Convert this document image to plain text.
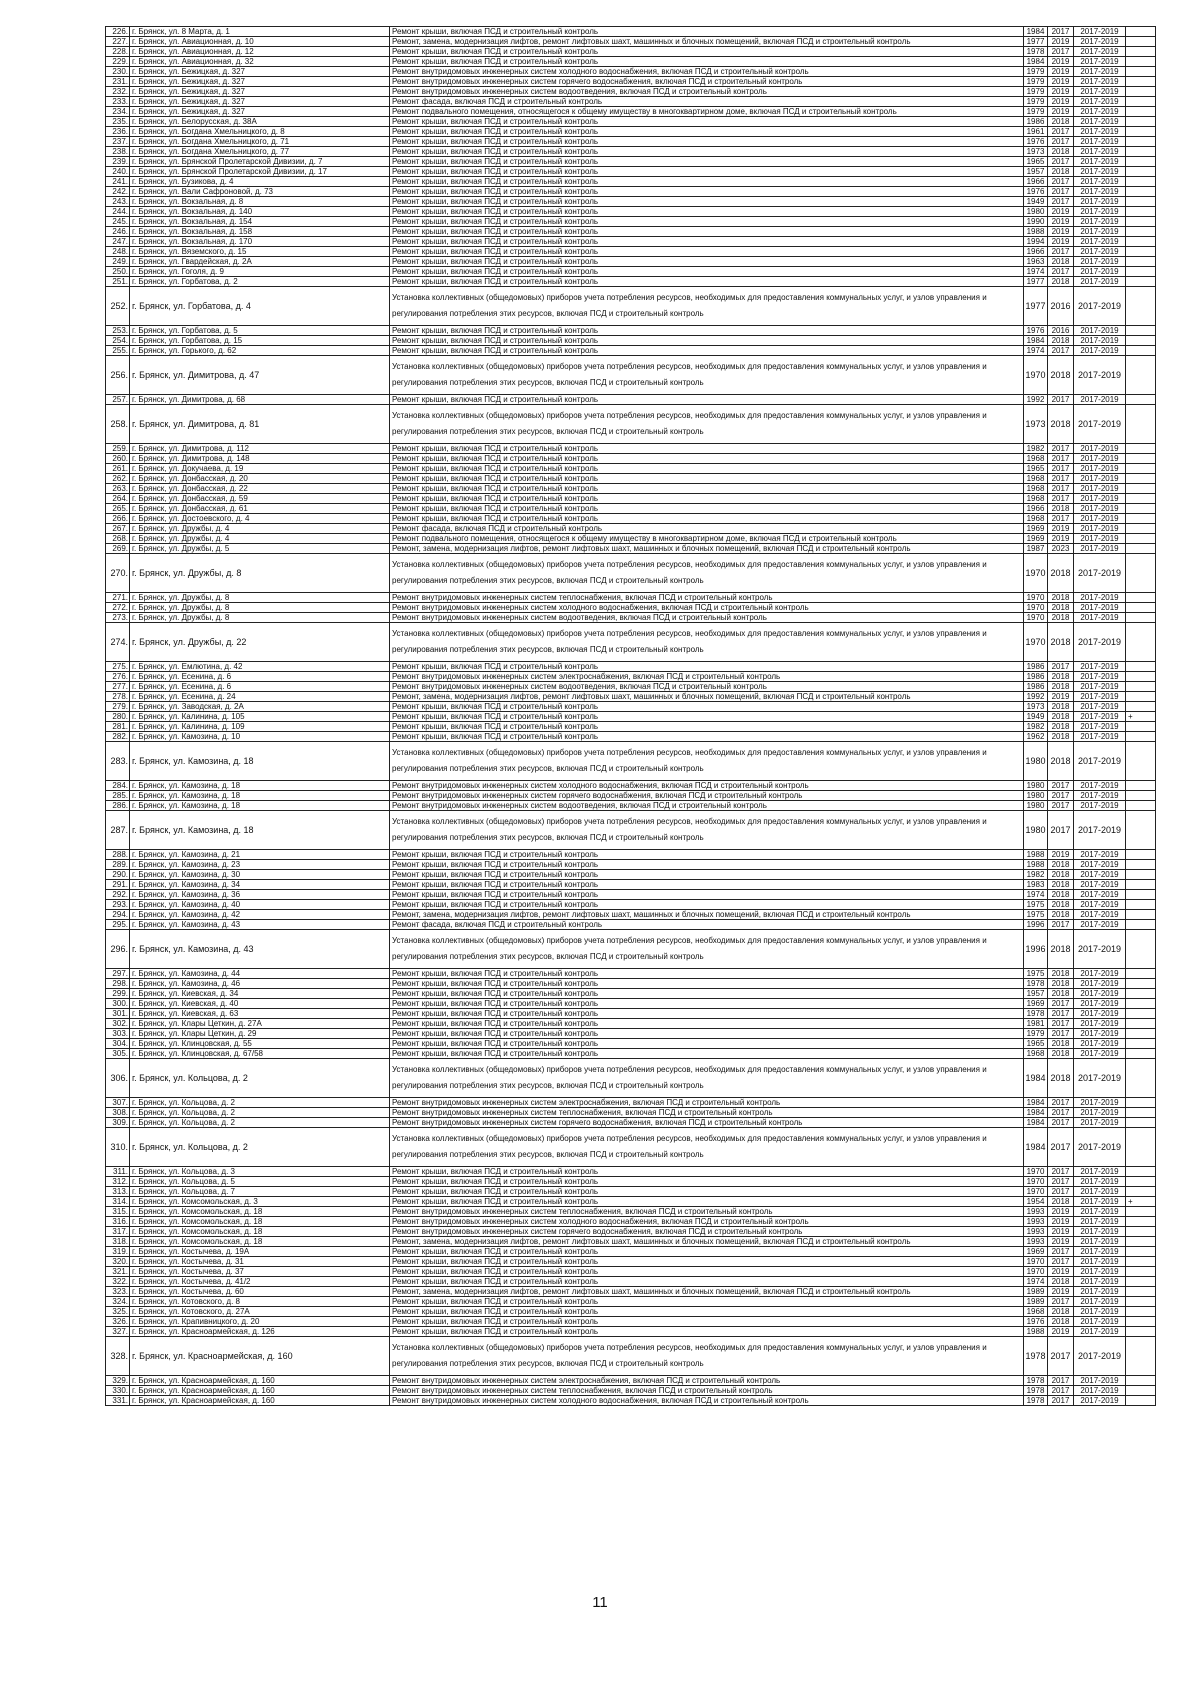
226.	г. Брянск, ул. 8 Марта, д. 1	Ремонт крыши, включая ПСД и строительный контроль	1984	2017	2017-2019	
227.	г. Брянск, ул. Авиационная, д. 10	Ремонт, замена, модернизация лифтов, ремонт лифтовых шахт, машинных и блочных помещений, включая ПСД и строительный контроль	1977	2019	2017-2019	
228.	г. Брянск, ул. Авиационная, д. 12	Ремонт крыши, включая ПСД и строительный контроль	1978	2017	2017-2019	
229.	г. Брянск, ул. Авиационная, д. 32	Ремонт крыши, включая ПСД и строительный контроль	1984	2019	2017-2019	
230.	г. Брянск, ул. Бежицкая, д. 327	Ремонт внутридомовых инженерных систем холодного водоснабжения, включая ПСД и строительный контроль	1979	2019	2017-2019	
231.	г. Брянск, ул. Бежицкая, д. 327	Ремонт внутридомовых инженерных систем горячего водоснабжения, включая ПСД и строительный контроль	1979	2019	2017-2019	
232.	г. Брянск, ул. Бежицкая, д. 327	Ремонт внутридомовых инженерных систем водоотведения, включая ПСД и строительный контроль	1979	2019	2017-2019	
233.	г. Брянск, ул. Бежицкая, д. 327	Ремонт фасада, включая ПСД и строительный контроль	1979	2019	2017-2019	
234.	г. Брянск, ул. Бежицкая, д. 327	Ремонт подвального помещения, относящегося к общему имуществу в многоквартирном доме, включая ПСД и строительный контроль	1979	2019	2017-2019	
235.	г. Брянск, ул. Белорусская, д. 38А	Ремонт крыши, включая ПСД и строительный контроль	1986	2018	2017-2019	
236.	г. Брянск, ул. Богдана Хмельницкого, д. 8	Ремонт крыши, включая ПСД и строительный контроль	1961	2017	2017-2019	
237.	г. Брянск, ул. Богдана Хмельницкого, д. 71	Ремонт крыши, включая ПСД и строительный контроль	1976	2017	2017-2019	
238.	г. Брянск, ул. Богдана Хмельницкого, д. 77	Ремонт крыши, включая ПСД и строительный контроль	1973	2018	2017-2019	
239.	г. Брянск, ул. Брянской Пролетарской Дивизии, д. 7	Ремонт крыши, включая ПСД и строительный контроль	1965	2017	2017-2019	
240.	г. Брянск, ул. Брянской Пролетарской Дивизии, д. 17	Ремонт крыши, включая ПСД и строительный контроль	1957	2018	2017-2019	
241.	г. Брянск, ул. Бузикова, д. 4	Ремонт крыши, включая ПСД и строительный контроль	1966	2017	2017-2019	
242.	г. Брянск, ул. Вали Сафроновой, д. 73	Ремонт крыши, включая ПСД и строительный контроль	1976	2017	2017-2019	
243.	г. Брянск, ул. Вокзальная, д. 8	Ремонт крыши, включая ПСД и строительный контроль	1949	2017	2017-2019	
244.	г. Брянск, ул. Вокзальная, д. 140	Ремонт крыши, включая ПСД и строительный контроль	1980	2019	2017-2019	
245.	г. Брянск, ул. Вокзальная, д. 154	Ремонт крыши, включая ПСД и строительный контроль	1990	2019	2017-2019	
246.	г. Брянск, ул. Вокзальная, д. 158	Ремонт крыши, включая ПСД и строительный контроль	1988	2019	2017-2019	
247.	г. Брянск, ул. Вокзальная, д. 170	Ремонт крыши, включая ПСД и строительный контроль	1994	2019	2017-2019	
248.	г. Брянск, ул. Вяземского, д. 15	Ремонт крыши, включая ПСД и строительный контроль	1966	2017	2017-2019	
249.	г. Брянск, ул. Гвардейская, д. 2А	Ремонт крыши, включая ПСД и строительный контроль	1963	2018	2017-2019	
250.	г. Брянск, ул. Гоголя, д. 9	Ремонт крыши, включая ПСД и строительный контроль	1974	2017	2017-2019	
251.	г. Брянск, ул. Горбатова, д. 2	Ремонт крыши, включая ПСД и строительный контроль	1977	2018	2017-2019	
252.	г. Брянск, ул. Горбатова, д. 4	Установка коллективных (общедомовых) приборов учета потребления ресурсов, необходимых для предоставления коммунальных услуг, и узлов управления и регулирования потребления этих ресурсов, включая ПСД и строительный контроль	1977	2016	2017-2019	
253.	г. Брянск, ул. Горбатова, д. 5	Ремонт крыши, включая ПСД и строительный контроль	1976	2016	2017-2019	
254.	г. Брянск, ул. Горбатова, д. 15	Ремонт крыши, включая ПСД и строительный контроль	1984	2018	2017-2019	
255.	г. Брянск, ул. Горького, д. 62	Ремонт крыши, включая ПСД и строительный контроль	1974	2017	2017-2019	
256.	г. Брянск, ул. Димитрова, д. 47	Установка коллективных (общедомовых) приборов учета потребления ресурсов, необходимых для предоставления коммунальных услуг, и узлов управления и регулирования потребления этих ресурсов, включая ПСД и строительный контроль	1970	2018	2017-2019	
257.	г. Брянск, ул. Димитрова, д. 68	Ремонт крыши, включая ПСД и строительный контроль	1992	2017	2017-2019	
258.	г. Брянск, ул. Димитрова, д. 81	Установка коллективных (общедомовых) приборов учета потребления ресурсов, необходимых для предоставления коммунальных услуг, и узлов управления и регулирования потребления этих ресурсов, включая ПСД и строительный контроль	1973	2018	2017-2019	
259.	г. Брянск, ул. Димитрова, д. 112	Ремонт крыши, включая ПСД и строительный контроль	1982	2017	2017-2019	
260.	г. Брянск, ул. Димитрова, д. 148	Ремонт крыши, включая ПСД и строительный контроль	1968	2017	2017-2019	
261.	г. Брянск, ул. Докучаева, д. 19	Ремонт крыши, включая ПСД и строительный контроль	1965	2017	2017-2019	
262.	г. Брянск, ул. Донбасская, д. 20	Ремонт крыши, включая ПСД и строительный контроль	1968	2017	2017-2019	
263.	г. Брянск, ул. Донбасская, д. 22	Ремонт крыши, включая ПСД и строительный контроль	1968	2017	2017-2019	
264.	г. Брянск, ул. Донбасская, д. 59	Ремонт крыши, включая ПСД и строительный контроль	1968	2017	2017-2019	
265.	г. Брянск, ул. Донбасская, д. 61	Ремонт крыши, включая ПСД и строительный контроль	1966	2018	2017-2019	
266.	г. Брянск, ул. Достоевского, д. 4	Ремонт крыши, включая ПСД и строительный контроль	1968	2017	2017-2019	
267.	г. Брянск, ул. Дружбы, д. 4	Ремонт фасада, включая ПСД и строительный контроль	1969	2019	2017-2019	
268.	г. Брянск, ул. Дружбы, д. 4	Ремонт подвального помещения, относящегося к общему имуществу в многоквартирном доме, включая ПСД и строительный контроль	1969	2019	2017-2019	
269.	г. Брянск, ул. Дружбы, д. 5	Ремонт, замена, модернизация лифтов, ремонт лифтовых шахт, машинных и блочных помещений, включая ПСД и строительный контроль	1987	2023	2017-2019	
270.	г. Брянск, ул. Дружбы, д. 8	Установка коллективных (общедомовых) приборов учета потребления ресурсов, необходимых для предоставления коммунальных услуг, и узлов управления и регулирования потребления этих ресурсов, включая ПСД и строительный контроль	1970	2018	2017-2019	
271.	г. Брянск, ул. Дружбы, д. 8	Ремонт внутридомовых инженерных систем теплоснабжения, включая ПСД и строительный контроль	1970	2018	2017-2019	
272.	г. Брянск, ул. Дружбы, д. 8	Ремонт внутридомовых инженерных систем холодного водоснабжения, включая ПСД и строительный контроль	1970	2018	2017-2019	
273.	г. Брянск, ул. Дружбы, д. 8	Ремонт внутридомовых инженерных систем водоотведения, включая ПСД и строительный контроль	1970	2018	2017-2019	
274.	г. Брянск, ул. Дружбы, д. 22	Установка коллективных (общедомовых) приборов учета потребления ресурсов, необходимых для предоставления коммунальных услуг, и узлов управления и регулирования потребления этих ресурсов, включая ПСД и строительный контроль	1970	2018	2017-2019	
275.	г. Брянск, ул. Емлютина, д. 42	Ремонт крыши, включая ПСД и строительный контроль	1986	2017	2017-2019	
276.	г. Брянск, ул. Есенина, д. 6	Ремонт внутридомовых инженерных систем электроснабжения, включая ПСД и строительный контроль	1986	2018	2017-2019	
277.	г. Брянск, ул. Есенина, д. 6	Ремонт внутридомовых инженерных систем водоотведения, включая ПСД и строительный контроль	1986	2018	2017-2019	
278.	г. Брянск, ул. Есенина, д. 24	Ремонт, замена, модернизация лифтов, ремонт лифтовых шахт, машинных и блочных помещений, включая ПСД и строительный контроль	1992	2019	2017-2019	
279.	г. Брянск, ул. Заводская, д. 2А	Ремонт крыши, включая ПСД и строительный контроль	1973	2018	2017-2019	
280.	г. Брянск, ул. Калинина, д. 105	Ремонт крыши, включая ПСД и строительный контроль	1949	2018	2017-2019	+
281.	г. Брянск, ул. Калинина, д. 109	Ремонт крыши, включая ПСД и строительный контроль	1982	2018	2017-2019	
282.	г. Брянск, ул. Камозина, д. 10	Ремонт крыши, включая ПСД и строительный контроль	1962	2018	2017-2019	
283.	г. Брянск, ул. Камозина, д. 18	Установка коллективных (общедомовых) приборов учета потребления ресурсов, необходимых для предоставления коммунальных услуг, и узлов управления и регулирования потребления этих ресурсов, включая ПСД и строительный контроль	1980	2018	2017-2019	
284.	г. Брянск, ул. Камозина, д. 18	Ремонт внутридомовых инженерных систем холодного водоснабжения, включая ПСД и строительный контроль	1980	2017	2017-2019	
285.	г. Брянск, ул. Камозина, д. 18	Ремонт внутридомовых инженерных систем горячего водоснабжения, включая ПСД и строительный контроль	1980	2017	2017-2019	
286.	г. Брянск, ул. Камозина, д. 18	Ремонт внутридомовых инженерных систем водоотведения, включая ПСД и строительный контроль	1980	2017	2017-2019	
287.	г. Брянск, ул. Камозина, д. 18	Установка коллективных (общедомовых) приборов учета потребления ресурсов, необходимых для предоставления коммунальных услуг, и узлов управления и регулирования потребления этих ресурсов, включая ПСД и строительный контроль	1980	2017	2017-2019	
288.	г. Брянск, ул. Камозина, д. 21	Ремонт крыши, включая ПСД и строительный контроль	1988	2019	2017-2019	
289.	г. Брянск, ул. Камозина, д. 23	Ремонт крыши, включая ПСД и строительный контроль	1988	2018	2017-2019	
290.	г. Брянск, ул. Камозина, д. 30	Ремонт крыши, включая ПСД и строительный контроль	1982	2018	2017-2019	
291.	г. Брянск, ул. Камозина, д. 34	Ремонт крыши, включая ПСД и строительный контроль	1983	2018	2017-2019	
292.	г. Брянск, ул. Камозина, д. 36	Ремонт крыши, включая ПСД и строительный контроль	1974	2018	2017-2019	
293.	г. Брянск, ул. Камозина, д. 40	Ремонт крыши, включая ПСД и строительный контроль	1975	2018	2017-2019	
294.	г. Брянск, ул. Камозина, д. 42	Ремонт, замена, модернизация лифтов, ремонт лифтовых шахт, машинных и блочных помещений, включая ПСД и строительный контроль	1975	2018	2017-2019	
295.	г. Брянск, ул. Камозина, д. 43	Ремонт фасада, включая ПСД и строительный контроль	1996	2017	2017-2019	
296.	г. Брянск, ул. Камозина, д. 43	Установка коллективных (общедомовых) приборов учета потребления ресурсов, необходимых для предоставления коммунальных услуг, и узлов управления и регулирования потребления этих ресурсов, включая ПСД и строительный контроль	1996	2018	2017-2019	
297.	г. Брянск, ул. Камозина, д. 44	Ремонт крыши, включая ПСД и строительный контроль	1975	2018	2017-2019	
298.	г. Брянск, ул. Камозина, д. 46	Ремонт крыши, включая ПСД и строительный контроль	1978	2018	2017-2019	
299.	г. Брянск, ул. Киевская, д. 34	Ремонт крыши, включая ПСД и строительный контроль	1957	2018	2017-2019	
300.	г. Брянск, ул. Киевская, д. 40	Ремонт крыши, включая ПСД и строительный контроль	1969	2017	2017-2019	
301.	г. Брянск, ул. Киевская, д. 63	Ремонт крыши, включая ПСД и строительный контроль	1978	2017	2017-2019	
302.	г. Брянск, ул. Клары Цеткин, д. 27А	Ремонт крыши, включая ПСД и строительный контроль	1981	2017	2017-2019	
303.	г. Брянск, ул. Клары Цеткин, д. 29	Ремонт крыши, включая ПСД и строительный контроль	1979	2017	2017-2019	
304.	г. Брянск, ул. Клинцовская, д. 55	Ремонт крыши, включая ПСД и строительный контроль	1965	2018	2017-2019	
305.	г. Брянск, ул. Клинцовская, д. 67/58	Ремонт крыши, включая ПСД и строительный контроль	1968	2018	2017-2019	
306.	г. Брянск, ул. Кольцова, д. 2	Установка коллективных (общедомовых) приборов учета потребления ресурсов, необходимых для предоставления коммунальных услуг, и узлов управления и регулирования потребления этих ресурсов, включая ПСД и строительный контроль	1984	2018	2017-2019	
307.	г. Брянск, ул. Кольцова, д. 2	Ремонт внутридомовых инженерных систем электроснабжения, включая ПСД и строительный контроль	1984	2017	2017-2019	
308.	г. Брянск, ул. Кольцова, д. 2	Ремонт внутридомовых инженерных систем теплоснабжения, включая ПСД и строительный контроль	1984	2017	2017-2019	
309.	г. Брянск, ул. Кольцова, д. 2	Ремонт внутридомовых инженерных систем горячего водоснабжения, включая ПСД и строительный контроль	1984	2017	2017-2019	
310.	г. Брянск, ул. Кольцова, д. 2	Установка коллективных (общедомовых) приборов учета потребления ресурсов, необходимых для предоставления коммунальных услуг, и узлов управления и регулирования потребления этих ресурсов, включая ПСД и строительный контроль	1984	2017	2017-2019	
311.	г. Брянск, ул. Кольцова, д. 3	Ремонт крыши, включая ПСД и строительный контроль	1970	2017	2017-2019	
312.	г. Брянск, ул. Кольцова, д. 5	Ремонт крыши, включая ПСД и строительный контроль	1970	2017	2017-2019	
313.	г. Брянск, ул. Кольцова, д. 7	Ремонт крыши, включая ПСД и строительный контроль	1970	2017	2017-2019	
314.	г. Брянск, ул. Комсомольская, д. 3	Ремонт крыши, включая ПСД и строительный контроль	1954	2018	2017-2019	+
315.	г. Брянск, ул. Комсомольская, д. 18	Ремонт внутридомовых инженерных систем теплоснабжения, включая ПСД и строительный контроль	1993	2019	2017-2019	
316.	г. Брянск, ул. Комсомольская, д. 18	Ремонт внутридомовых инженерных систем холодного водоснабжения, включая ПСД и строительный контроль	1993	2019	2017-2019	
317.	г. Брянск, ул. Комсомольская, д. 18	Ремонт внутридомовых инженерных систем горячего водоснабжения, включая ПСД и строительный контроль	1993	2019	2017-2019	
318.	г. Брянск, ул. Комсомольская, д. 18	Ремонт, замена, модернизация лифтов, ремонт лифтовых шахт, машинных и блочных помещений, включая ПСД и строительный контроль	1993	2019	2017-2019	
319.	г. Брянск, ул. Костычева, д. 19А	Ремонт крыши, включая ПСД и строительный контроль	1969	2017	2017-2019	
320.	г. Брянск, ул. Костычева, д. 31	Ремонт крыши, включая ПСД и строительный контроль	1970	2017	2017-2019	
321.	г. Брянск, ул. Костычева, д. 37	Ремонт крыши, включая ПСД и строительный контроль	1970	2019	2017-2019	
322.	г. Брянск, ул. Костычева, д. 41/2	Ремонт крыши, включая ПСД и строительный контроль	1974	2018	2017-2019	
323.	г. Брянск, ул. Костычева, д. 60	Ремонт, замена, модернизация лифтов, ремонт лифтовых шахт, машинных и блочных помещений, включая ПСД и строительный контроль	1989	2019	2017-2019	
324.	г. Брянск, ул. Котовского, д. 8	Ремонт крыши, включая ПСД и строительный контроль	1989	2017	2017-2019	
325.	г. Брянск, ул. Котовского, д. 27А	Ремонт крыши, включая ПСД и строительный контроль	1968	2018	2017-2019	
326.	г. Брянск, ул. Крапивницкого, д. 20	Ремонт крыши, включая ПСД и строительный контроль	1976	2018	2017-2019	
327.	г. Брянск, ул. Красноармейская, д. 126	Ремонт крыши, включая ПСД и строительный контроль	1988	2019	2017-2019	
328.	г. Брянск, ул. Красноармейская, д. 160	Установка коллективных (общедомовых) приборов учета потребления ресурсов, необходимых для предоставления коммунальных услуг, и узлов управления и регулирования потребления этих ресурсов, включая ПСД и строительный контроль	1978	2017	2017-2019	
329.	г. Брянск, ул. Красноармейская, д. 160	Ремонт внутридомовых инженерных систем электроснабжения, включая ПСД и строительный контроль	1978	2017	2017-2019	
330.	г. Брянск, ул. Красноармейская, д. 160	Ремонт внутридомовых инженерных систем теплоснабжения, включая ПСД и строительный контроль	1978	2017	2017-2019	
331.	г. Брянск, ул. Красноармейская, д. 160	Ремонт внутридомовых инженерных систем холодного водоснабжения, включая ПСД и строительный контроль	1978	2017	2017-2019	
11
